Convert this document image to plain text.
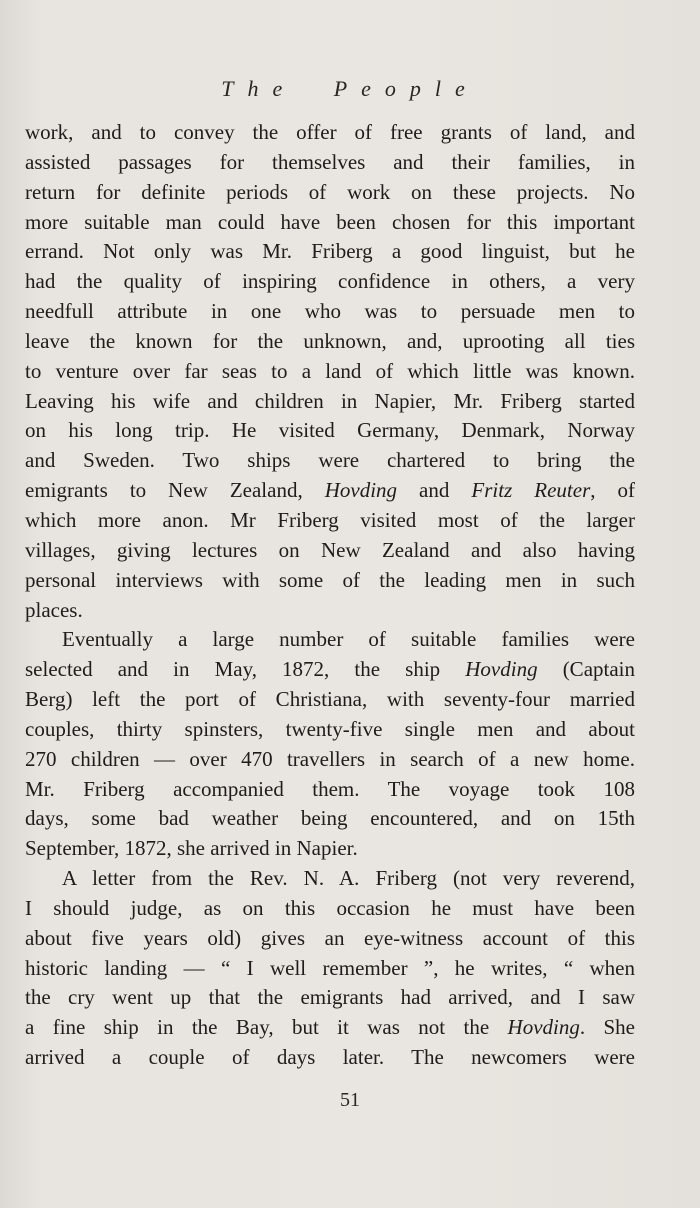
The People
work, and to convey the offer of free grants of land, and
assisted passages for themselves and their families, in
return for definite periods of work on these projects. No
more suitable man could have been chosen for this important
errand. Not only was Mr. Friberg a good linguist, but he
had the quality of inspiring confidence in others, a very
needfull attribute in one who was to persuade men to
leave the known for the unknown, and, uprooting all ties
to venture over far seas to a land of which little was known.
Leaving his wife and children in Napier, Mr. Friberg started
on his long trip. He visited Germany, Denmark, Norway
and Sweden. Two ships were chartered to bring the
emigrants to New Zealand, Hovding and Fritz Reuter, of
which more anon. Mr Friberg visited most of the larger
villages, giving lectures on New Zealand and also having
personal interviews with some of the leading men in such
places.
Eventually a large number of suitable families were
selected and in May, 1872, the ship Hovding (Captain
Berg) left the port of Christiana, with seventy-four married
couples, thirty spinsters, twenty-five single men and about
270 children — over 470 travellers in search of a new home.
Mr. Friberg accompanied them. The voyage took 108
days, some bad weather being encountered, and on 15th
September, 1872, she arrived in Napier.
A letter from the Rev. N. A. Friberg (not very reverend,
I should judge, as on this occasion he must have been
about five years old) gives an eye-witness account of this
historic landing — “ I well remember ”, he writes, “ when
the cry went up that the emigrants had arrived, and I saw
a fine ship in the Bay, but it was not the Hovding. She
arrived a couple of days later. The newcomers were
51
